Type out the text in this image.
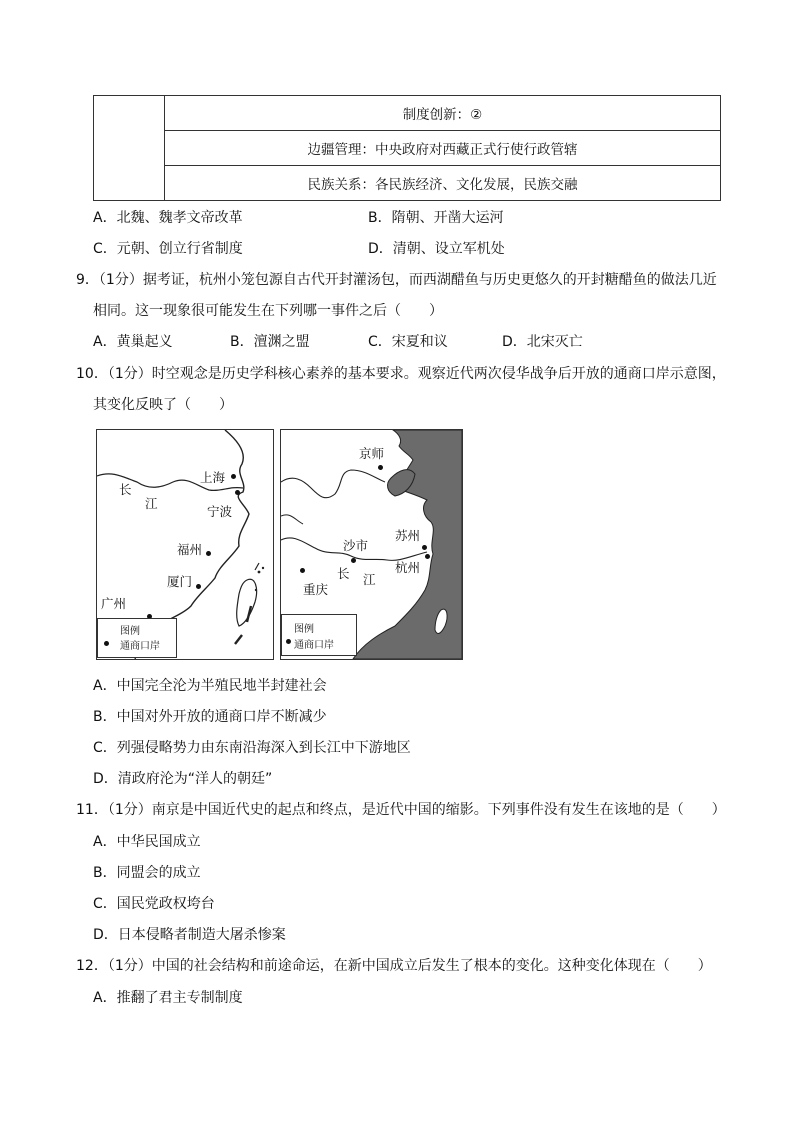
	制度创新：②
边疆管理：中央政府对西藏正式行使行政管辖
民族关系：各民族经济、文化发展，民族交融
A．北魏、魏孝文帝改革	B．隋朝、开凿大运河
C．元朝、创立行省制度	D．清朝、设立军机处
9．（1分）据考证，杭州小笼包源自古代开封灌汤包，而西湖醋鱼与历史更悠久的开封糖醋鱼的做法几近
相同。这一现象很可能发生在下列哪一事件之后（　　）
A．黄巢起义	B．澶渊之盟	C．宋夏和议	D．北宋灭亡
10．（1分）时空观念是历史学科核心素养的基本要求。观察近代两次侵华战争后开放的通商口岸示意图，
其变化反映了（　　）
长
江
上海
宁波
福州
厦门
广州
图例
通商口岸
京师
苏州
沙市
杭州
长 江
重庆
图例
通商口岸
A．中国完全沦为半殖民地半封建社会
B．中国对外开放的通商口岸不断减少
C．列强侵略势力由东南沿海深入到长江中下游地区
D．清政府沦为“洋人的朝廷”
11．（1分）南京是中国近代史的起点和终点，是近代中国的缩影。下列事件没有发生在该地的是（　　）
A．中华民国成立
B．同盟会的成立
C．国民党政权垮台
D．日本侵略者制造大屠杀惨案
12．（1分）中国的社会结构和前途命运，在新中国成立后发生了根本的变化。这种变化体现在（　　）
A．推翻了君主专制制度
